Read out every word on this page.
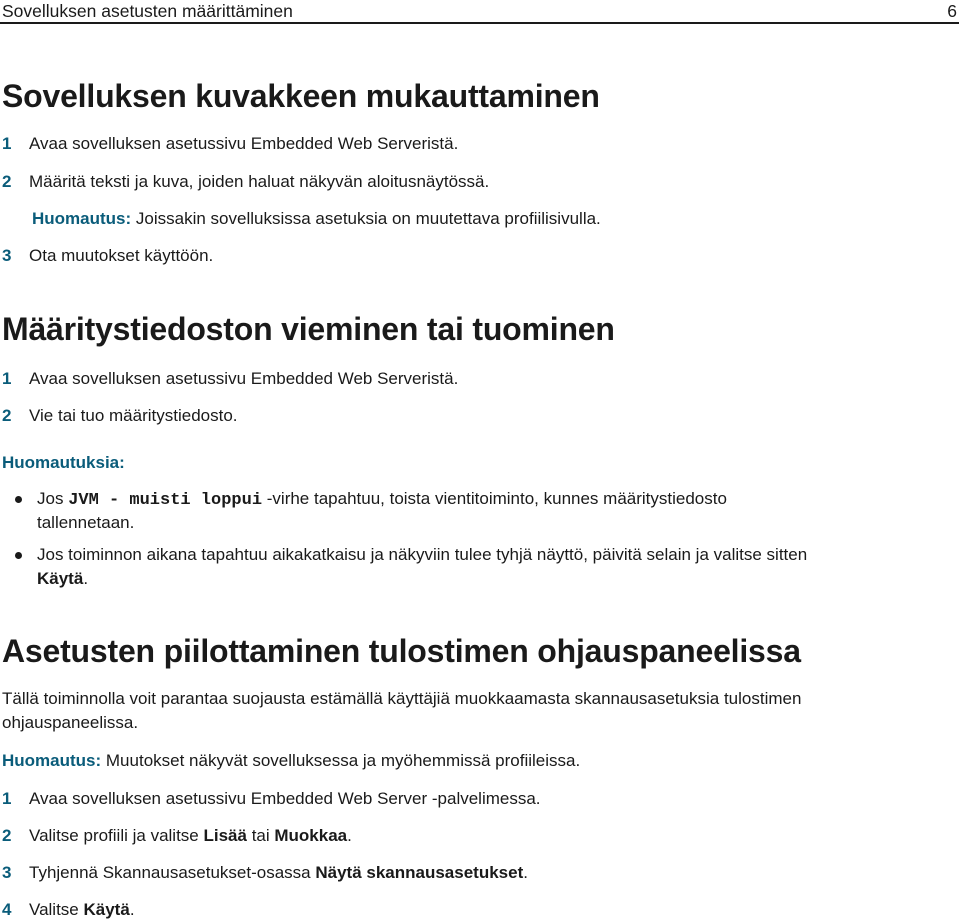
Sovelluksen asetusten määrittäminen	6
Sovelluksen kuvakkeen mukauttaminen
1 Avaa sovelluksen asetussivu Embedded Web Serveristä.
2 Määritä teksti ja kuva, joiden haluat näkyvän aloitusnäytössä.
Huomautus: Joissakin sovelluksissa asetuksia on muutettava profiilisivulla.
3 Ota muutokset käyttöön.
Määritystiedoston vieminen tai tuominen
1 Avaa sovelluksen asetussivu Embedded Web Serveristä.
2 Vie tai tuo määritystiedosto.
Huomautuksia:
Jos JVM - muisti loppui -virhe tapahtuu, toista vientitoiminto, kunnes määritystiedosto
tallennetaan.
Jos toiminnon aikana tapahtuu aikakatkaisu ja näkyviin tulee tyhjä näyttö, päivitä selain ja valitse sitten
Käytä.
Asetusten piilottaminen tulostimen ohjauspaneelissa
Tällä toiminnolla voit parantaa suojausta estämällä käyttäjiä muokkaamasta skannausasetuksia tulostimen
ohjauspaneelissa.
Huomautus: Muutokset näkyvät sovelluksessa ja myöhemmissä profiileissa.
1 Avaa sovelluksen asetussivu Embedded Web Server -palvelimessa.
2 Valitse profiili ja valitse Lisää tai Muokkaa.
3 Tyhjennä Skannausasetukset-osassa Näytä skannausasetukset.
4 Valitse Käytä.
